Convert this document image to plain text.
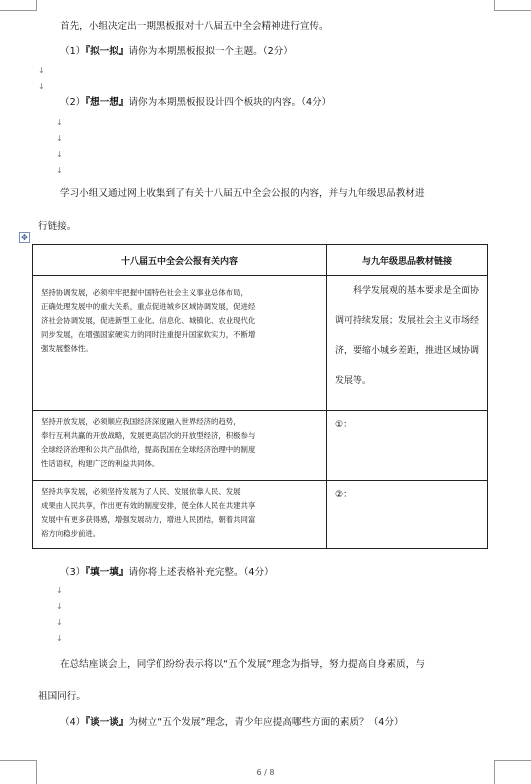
首先，小组决定出一期黑板报对十八届五中全会精神进行宣传。
（1）『拟一拟』请你为本期黑板报拟一个主题。（2分）
↓
↓
（2）『想一想』请你为本期黑板报设计四个板块的内容。（4分）
↓
↓
↓
↓
学习小组又通过网上收集到了有关十八届五中全会公报的内容，并与九年级思品教材进
行链接。
✥
十八届五中全会公报有关内容	与九年级思品教材链接

坚持协调发展，必须牢牢把握中国特色社会主义事业总体布局，
正确处理发展中的重大关系，重点促进城乡区域协调发展，促进经
济社会协调发展，促进新型工业化、信息化、城镇化、农业现代化
同步发展，在增强国家硬实力的同时注重提升国家软实力，不断增
强发展整体性。	科学发展观的基本要求是全面协调可持续发展；发展社会主义市场经济，要缩小城乡差距，推进区域协调发展等。

坚持开放发展，必须顺应我国经济深度融入世界经济的趋势，
奉行互利共赢的开放战略，发展更高层次的开放型经济，积极参与
全球经济治理和公共产品供给，提高我国在全球经济治理中的制度
性话语权，构建广泛的利益共同体。	①：

坚持共享发展，必须坚持发展为了人民、发展依靠人民、发展
成果由人民共享，作出更有效的制度安排，使全体人民在共建共享
发展中有更多获得感，增强发展动力，增进人民团结，朝着共同富
裕方向稳步前进。	②：
（3）『填一填』请你将上述表格补充完整。（4分）
↓
↓
↓
↓
在总结座谈会上，同学们纷纷表示将以“五个发展”理念为指导，努力提高自身素质，与
祖国同行。
（4）『谈一谈』为树立“五个发展”理念，青少年应提高哪些方面的素质？（4分）
6 / 8
